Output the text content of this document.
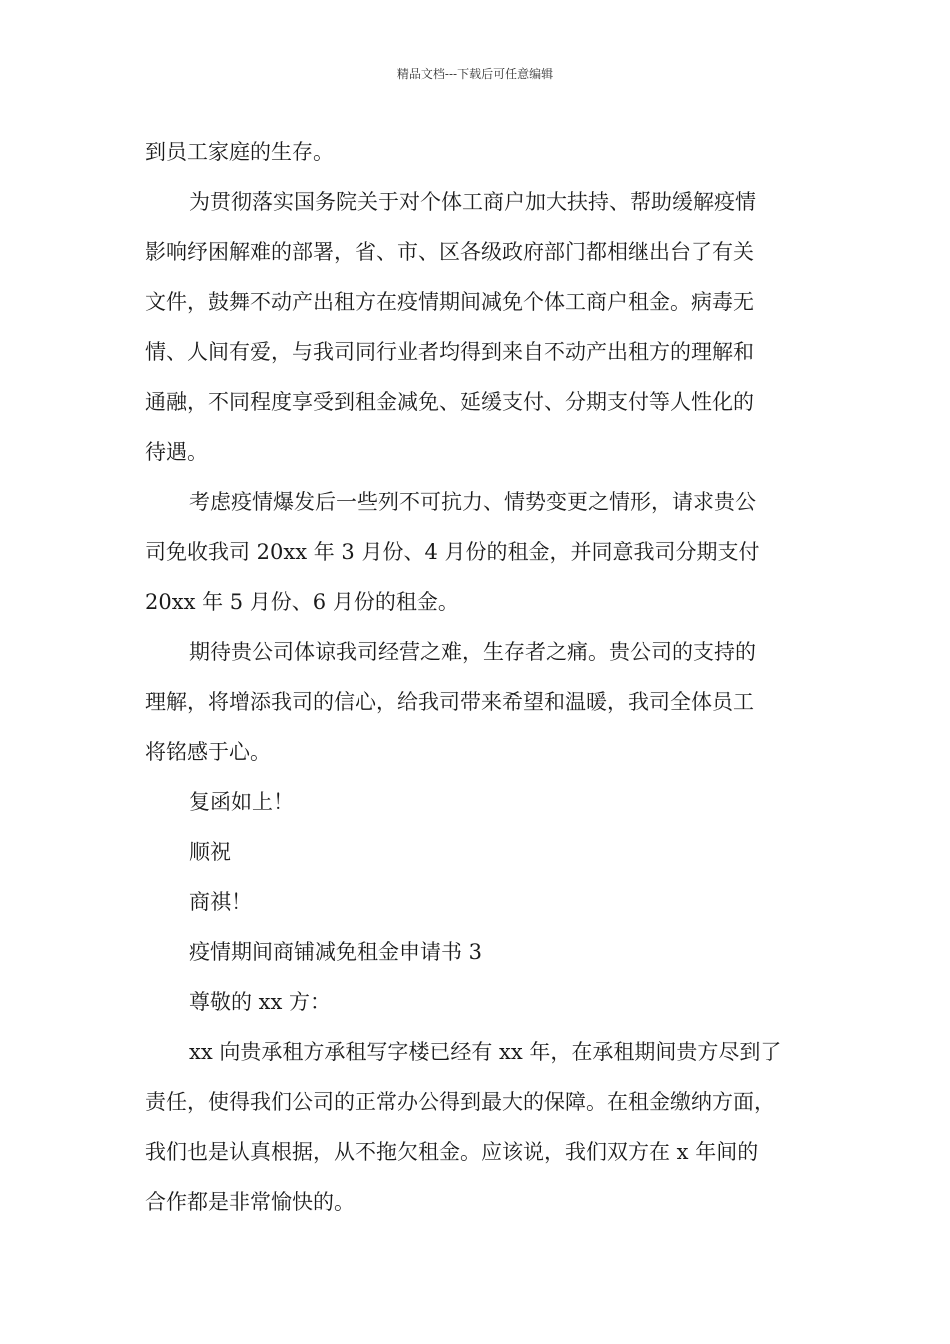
精品文档---下载后可任意编辑

到员工家庭的生存。

为贯彻落实国务院关于对个体工商户加大扶持、帮助缓解疫情

影响纾困解难的部署，省、市、区各级政府部门都相继出台了有关

文件，鼓舞不动产出租方在疫情期间减免个体工商户租金。病毒无

情、人间有爱，与我司同行业者均得到来自不动产出租方的理解和

通融，不同程度享受到租金减免、延缓支付、分期支付等人性化的

待遇。

考虑疫情爆发后一些列不可抗力、情势变更之情形，请求贵公

司免收我司 20xx 年 3 月份、4 月份的租金，并同意我司分期支付

20xx 年 5 月份、6 月份的租金。

期待贵公司体谅我司经营之难，生存者之痛。贵公司的支持的

理解，将增添我司的信心，给我司带来希望和温暖，我司全体员工

将铭感于心。

复函如上！

顺祝

商祺！

疫情期间商铺减免租金申请书 3

尊敬的 xx 方：

xx 向贵承租方承租写字楼已经有 xx 年，在承租期间贵方尽到了

责任，使得我们公司的正常办公得到最大的保障。在租金缴纳方面，

我们也是认真根据，从不拖欠租金。应该说，我们双方在 x 年间的

合作都是非常愉快的。
